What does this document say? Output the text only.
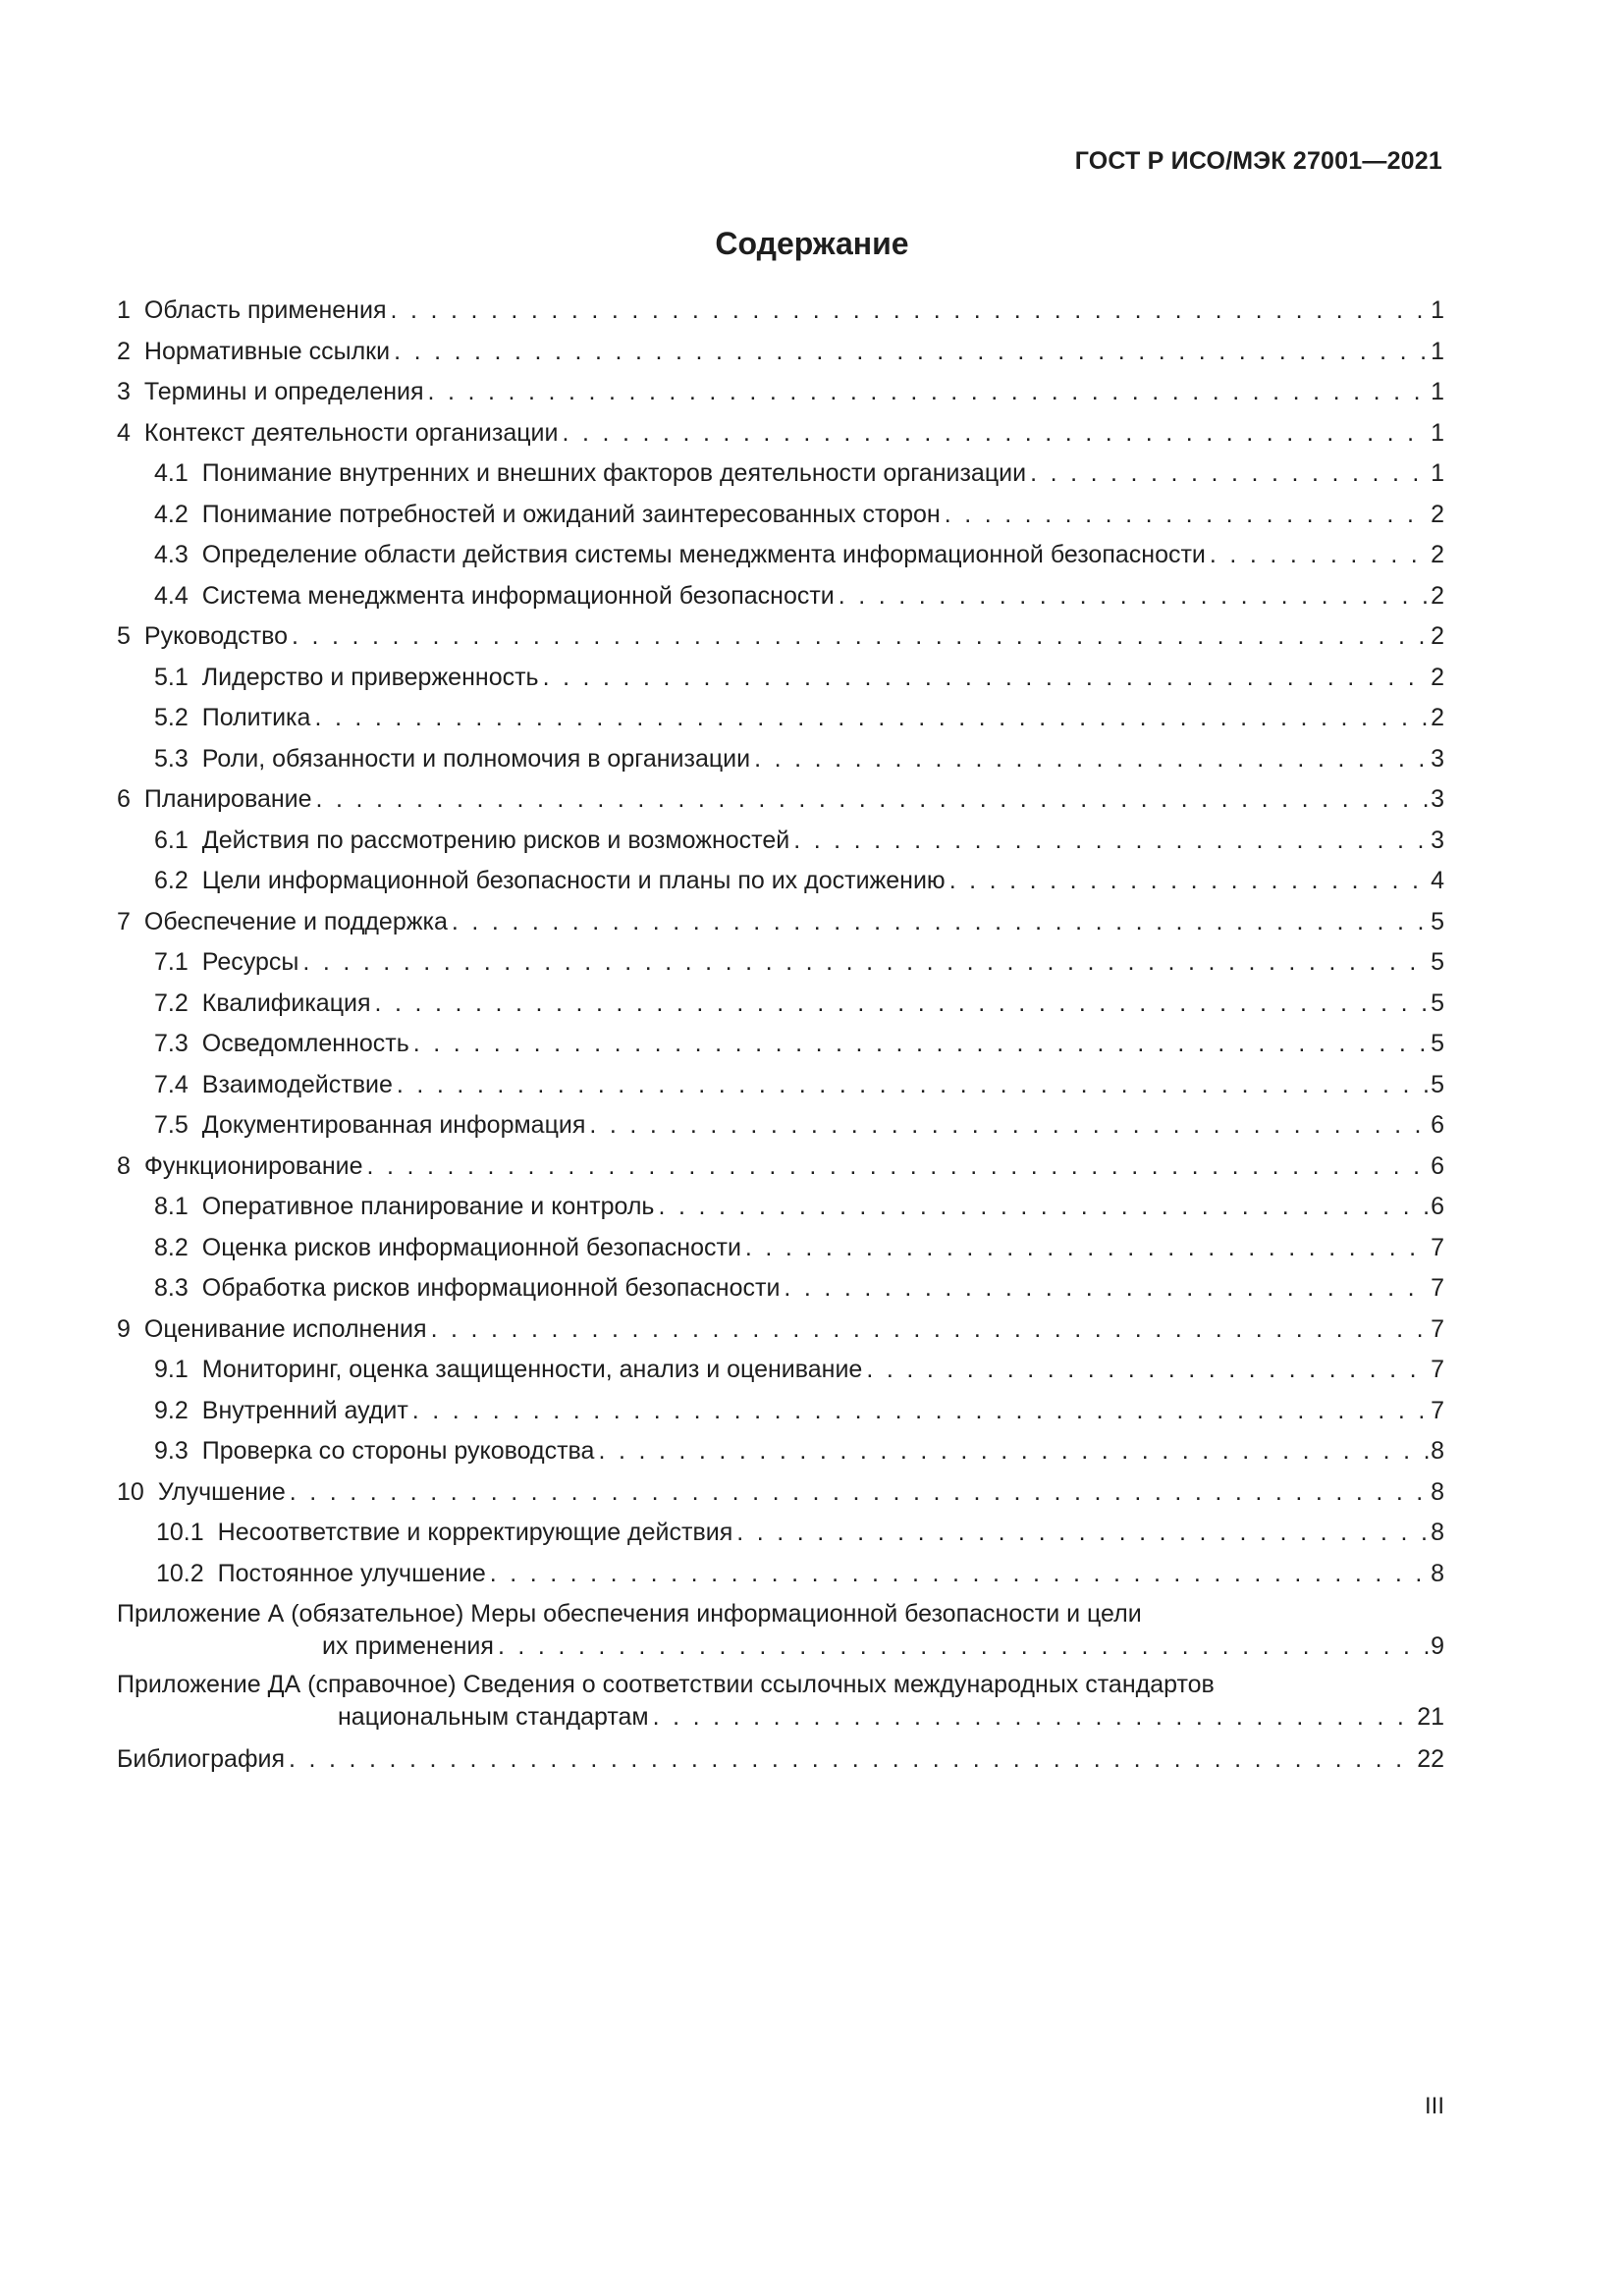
ГОСТ Р ИСО/МЭК 27001—2021
Содержание
1 Область применения . . .	1
2 Нормативные ссылки . . .	1
3 Термины и определения . . .	1
4 Контекст деятельности организации . . .	1
4.1 Понимание внутренних и внешних факторов деятельности организации . . .	1
4.2 Понимание потребностей и ожиданий заинтересованных сторон . . .	2
4.3 Определение области действия системы менеджмента информационной безопасности . . .	2
4.4 Система менеджмента информационной безопасности . . .	2
5 Руководство . . .	2
5.1 Лидерство и приверженность . . .	2
5.2 Политика . . .	2
5.3 Роли, обязанности и полномочия в организации . . .	3
6 Планирование . . .	3
6.1 Действия по рассмотрению рисков и возможностей . . .	3
6.2 Цели информационной безопасности и планы по их достижению . . .	4
7 Обеспечение и поддержка . . .	5
7.1 Ресурсы . . .	5
7.2 Квалификация . . .	5
7.3 Осведомленность . . .	5
7.4 Взаимодействие . . .	5
7.5 Документированная информация . . .	6
8 Функционирование . . .	6
8.1 Оперативное планирование и контроль . . .	6
8.2 Оценка рисков информационной безопасности . . .	7
8.3 Обработка рисков информационной безопасности . . .	7
9 Оценивание исполнения . . .	7
9.1 Мониторинг, оценка защищенности, анализ и оценивание . . .	7
9.2 Внутренний аудит . . .	7
9.3 Проверка со стороны руководства . . .	8
10 Улучшение . . .	8
10.1 Несоответствие и корректирующие действия . . .	8
10.2 Постоянное улучшение . . .	8
Приложение А (обязательное) Меры обеспечения информационной безопасности и цели
их применения . . .	9
Приложение ДА (справочное) Сведения о соответствии ссылочных международных стандартов
национальным стандартам . . .	21
Библиография . . .	22
III
